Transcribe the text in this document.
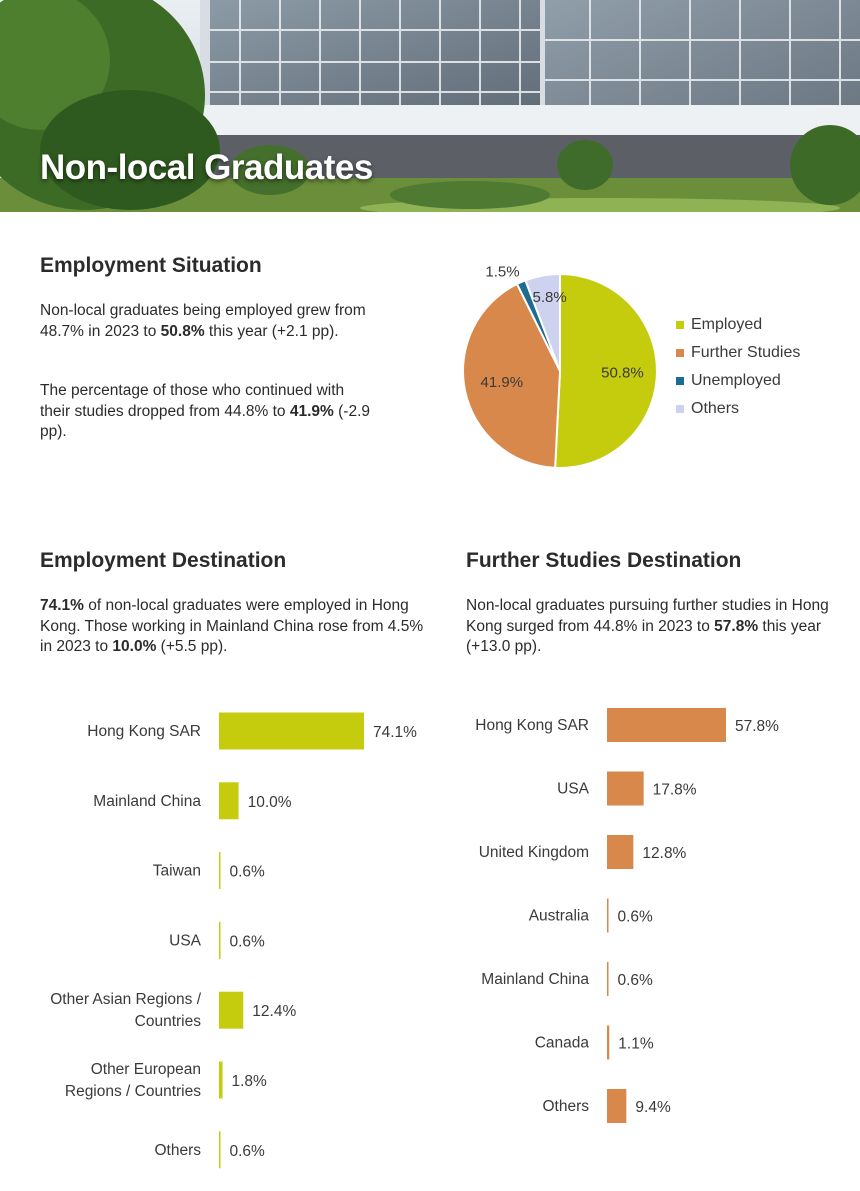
Non-local Graduates
Employment Situation

Non-local graduates being employed grew from 48.7% in 2023 to 50.8% this year (+2.1 pp).

The percentage of those who continued with their studies dropped from 44.8% to 41.9% (-2.9 pp).

50.8%
41.9%
1.5%
5.8%
Employed
Further Studies
Unemployed
Others
Employment Destination

74.1% of non-local graduates were employed in Hong Kong. Those working in Mainland China rose from 4.5% in 2023 to 10.0% (+5.5 pp).

Further Studies Destination

Non-local graduates pursuing further studies in Hong Kong surged from 44.8% in 2023 to 57.8% this year (+13.0 pp).

74.1%
Hong Kong SAR
10.0%
Mainland China
0.6%
Taiwan
0.6%
USA
12.4%
Other Asian Regions / Countries
1.8%
Other European Regions / Countries
0.6%
Others
57.8%
Hong Kong SAR
17.8%
USA
12.8%
United Kingdom
0.6%
Australia
0.6%
Mainland China
1.1%
Canada
9.4%
Others
